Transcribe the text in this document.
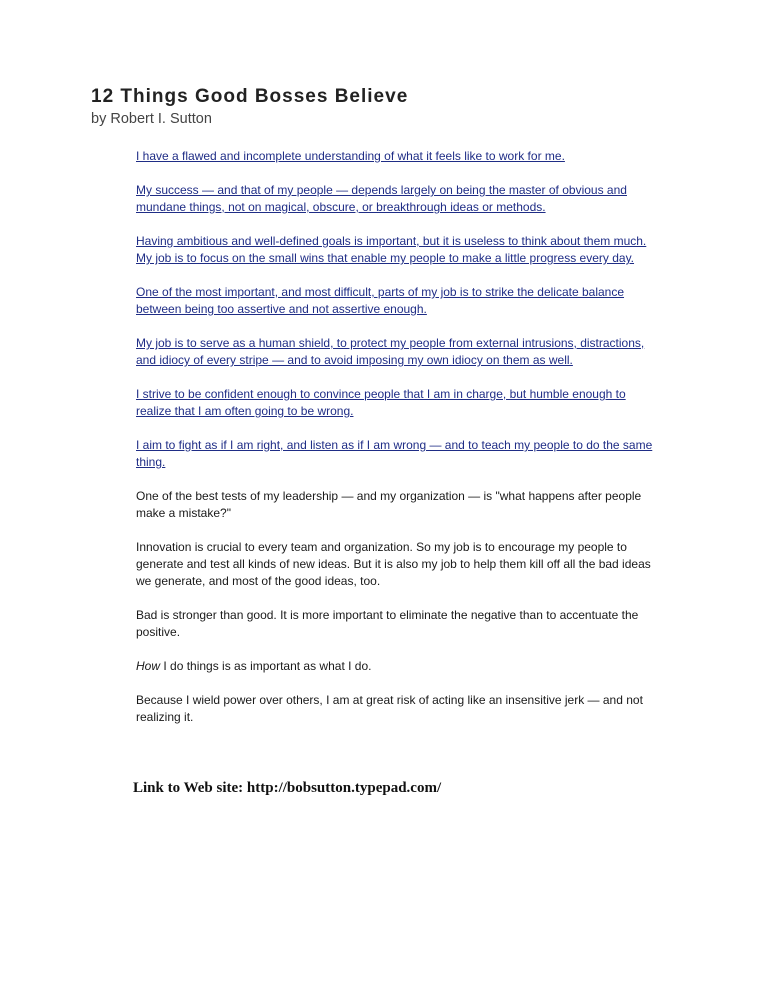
12 Things Good Bosses Believe
by Robert I. Sutton

I have a flawed and incomplete understanding of what it feels like to work for me.

My success — and that of my people — depends largely on being the master of obvious and
mundane things, not on magical, obscure, or breakthrough ideas or methods.

Having ambitious and well-defined goals is important, but it is useless to think about them much.
My job is to focus on the small wins that enable my people to make a little progress every day.

One of the most important, and most difficult, parts of my job is to strike the delicate balance
between being too assertive and not assertive enough.

My job is to serve as a human shield, to protect my people from external intrusions, distractions,
and idiocy of every stripe — and to avoid imposing my own idiocy on them as well.

I strive to be confident enough to convince people that I am in charge, but humble enough to
realize that I am often going to be wrong.

I aim to fight as if I am right, and listen as if I am wrong — and to teach my people to do the same
thing.

One of the best tests of my leadership — and my organization — is "what happens after people
make a mistake?"

Innovation is crucial to every team and organization. So my job is to encourage my people to
generate and test all kinds of new ideas. But it is also my job to help them kill off all the bad ideas
we generate, and most of the good ideas, too.

Bad is stronger than good. It is more important to eliminate the negative than to accentuate the
positive.

How I do things is as important as what I do.

Because I wield power over others, I am at great risk of acting like an insensitive jerk — and not
realizing it.

Link to Web site: http://bobsutton.typepad.com/
